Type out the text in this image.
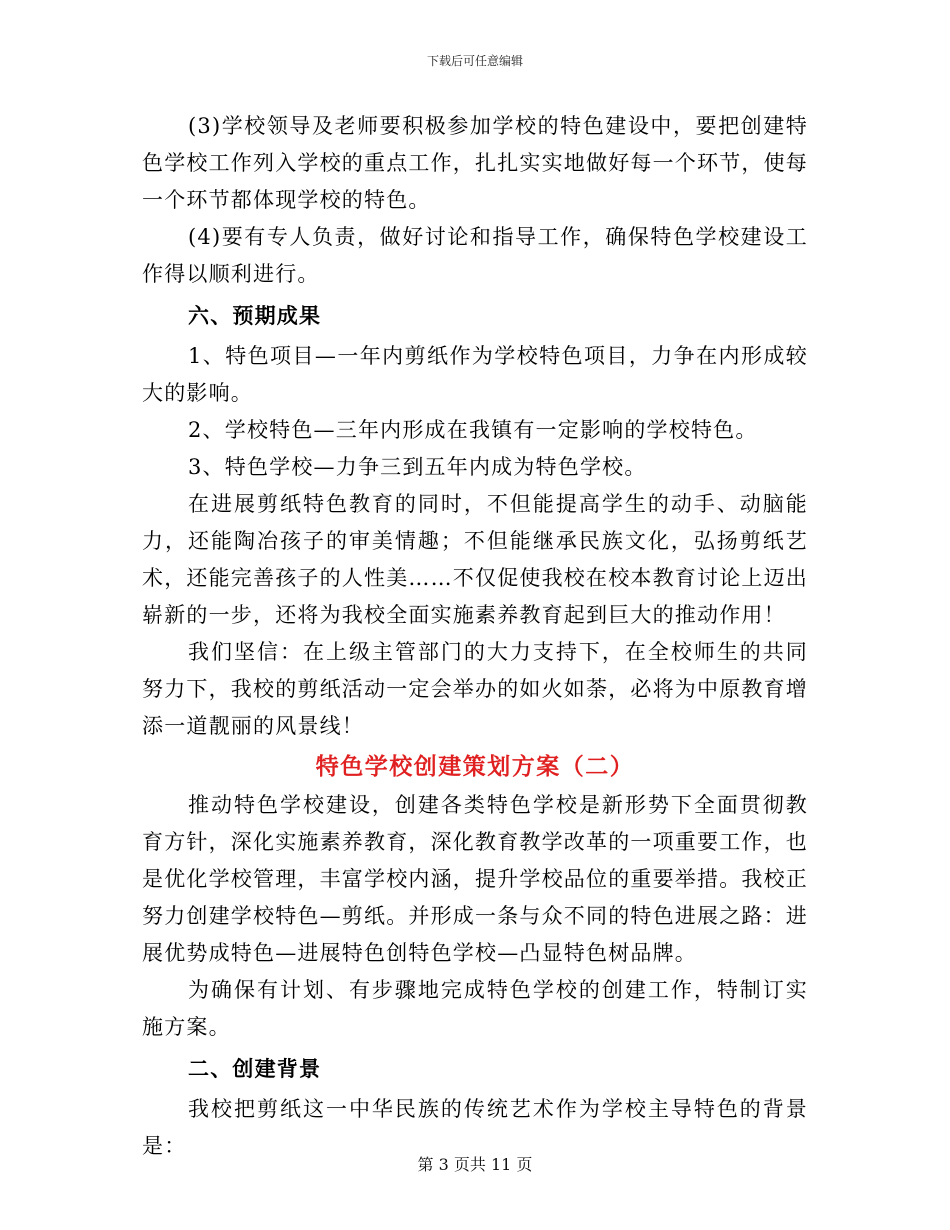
下载后可任意编辑

(3)学校领导及老师要积极参加学校的特色建设中，要把创建特色学校工作列入学校的重点工作，扎扎实实地做好每一个环节，使每一个环节都体现学校的特色。

(4)要有专人负责，做好讨论和指导工作，确保特色学校建设工作得以顺利进行。

六、预期成果

1、特色项目—一年内剪纸作为学校特色项目，力争在内形成较大的影响。

2、学校特色—三年内形成在我镇有一定影响的学校特色。

3、特色学校—力争三到五年内成为特色学校。

在进展剪纸特色教育的同时，不但能提高学生的动手、动脑能力，还能陶冶孩子的审美情趣；不但能继承民族文化，弘扬剪纸艺术，还能完善孩子的人性美……不仅促使我校在校本教育讨论上迈出崭新的一步，还将为我校全面实施素养教育起到巨大的推动作用！

我们坚信：在上级主管部门的大力支持下，在全校师生的共同努力下，我校的剪纸活动一定会举办的如火如荼，必将为中原教育增添一道靓丽的风景线！

特色学校创建策划方案（二）

推动特色学校建设，创建各类特色学校是新形势下全面贯彻教育方针，深化实施素养教育，深化教育教学改革的一项重要工作，也是优化学校管理，丰富学校内涵，提升学校品位的重要举措。我校正努力创建学校特色—剪纸。并形成一条与众不同的特色进展之路：进展优势成特色—进展特色创特色学校—凸显特色树品牌。

为确保有计划、有步骤地完成特色学校的创建工作，特制订实施方案。

二、创建背景

我校把剪纸这一中华民族的传统艺术作为学校主导特色的背景是：

第 3 页共 11 页
